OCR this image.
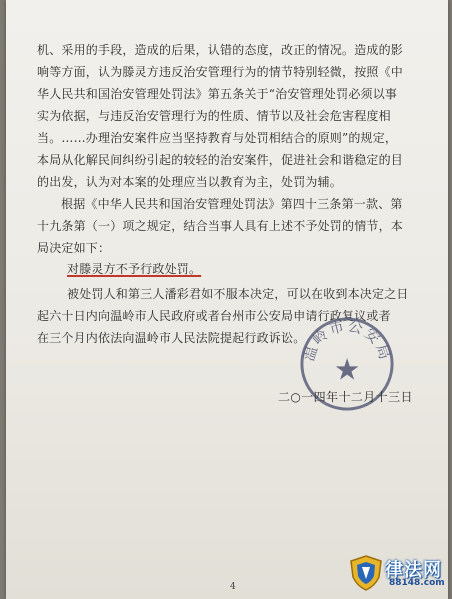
机、采用的手段，造成的后果，认错的态度，改正的情况。造成的影
响等方面，认为滕灵方违反治安管理行为的情节特别轻微，按照《中
华人民共和国治安管理处罚法》第五条关于“治安管理处罚必须以事
实为依据，与违反治安管理行为的性质、情节以及社会危害程度相
当。……办理治安案件应当坚持教育与处罚相结合的原则”的规定，
本局从化解民间纠纷引起的较轻的治安案件，促进社会和谐稳定的目
的出发，认为对本案的处理应当以教育为主，处罚为辅。
根据《中华人民共和国治安管理处罚法》第四十三条第一款、第
十九条第（一）项之规定，结合当事人具有上述不予处罚的情节，本
局决定如下：
对滕灵方不予行政处罚。
被处罚人和第三人潘彩君如不服本决定，可以在收到本决定之日
起六十日内向温岭市人民政府或者台州市公安局申请行政复议或者
在三个月内依法向温岭市人民法院提起行政诉讼。
温岭市公安局
★
二○一四年十二月十三日
4
律法网
88148.com
